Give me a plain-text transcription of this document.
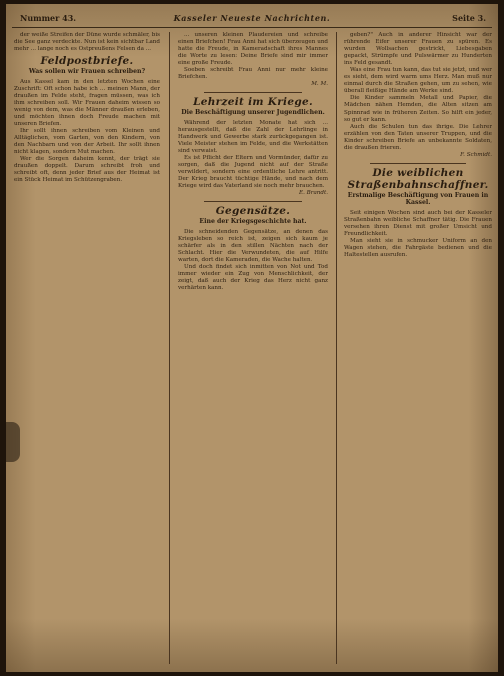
Nummer 43.	Kasseler Neueste Nachrichten.	Seite 3.

der weiße Streifen der Düne wurde schmäler, bis die See ganz verdeckte. Nun ist kein sichtbar Land mehr ... lange noch es Ostpreußens Felsen da ...

Feldpostbriefe.
Was sollen wir Frauen schreiben?

Aus Kassel kam in den letzten Wochen eine Zuschrift: Oft schon habe ich ... meinen Mann, der draußen im Felde steht, fragen müssen, was ich ihm schreiben soll. Wir Frauen daheim wissen so wenig von dem, was die Männer draußen erleben, und möchten ihnen doch Freude machen mit unseren Briefen.

Ihr sollt ihnen schreiben vom Kleinen und Alltäglichen, vom Garten, von den Kindern, von den Nachbarn und von der Arbeit. Ihr sollt ihnen nicht klagen, sondern Mut machen.

Wer die Sorgen daheim kennt, der trägt sie draußen doppelt. Darum schreibt froh und schreibt oft, denn jeder Brief aus der Heimat ist ein Stück Heimat im Schützengraben.

... unseren kleinen Plaudereien und schreibe einen Briefchen! Frau Anni hat sich überzeugen und hatte die Freude, in Kameradschaft ihres Mannes die Worte zu lesen: Deine Briefe sind mir immer eine große Freude.

Soeben schreibt Frau Anni nur mehr kleine Briefchen.

M. M.
Lehrzeit im Kriege.
Die Beschäftigung unserer Jugendlichen.

Während der letzten Monate hat sich ... herausgestellt, daß die Zahl der Lehrlinge in Handwerk und Gewerbe stark zurückgegangen ist. Viele Meister stehen im Felde, und die Werkstätten sind verwaist.

Es ist Pflicht der Eltern und Vormünder, dafür zu sorgen, daß die Jugend nicht auf der Straße verwildert, sondern eine ordentliche Lehre antritt. Der Krieg braucht tüchtige Hände, und nach dem Kriege wird das Vaterland sie noch mehr brauchen.

E. Brandt.
Gegensätze.
Eine der Kriegsgeschichte hat.

Die schneidenden Gegensätze, an denen das Kriegsleben so reich ist, zeigen sich kaum je schärfer als in den stillen Nächten nach der Schlacht. Hier die Verwundeten, die auf Hilfe warten, dort die Kameraden, die Wache halten.

Und doch findet sich inmitten von Not und Tod immer wieder ein Zug von Menschlichkeit, der zeigt, daß auch der Krieg das Herz nicht ganz verhärten kann.

geben?" Auch in anderer Hinsicht war der rührende Eifer unserer Frauen zu spüren. Es wurden Wollsachen gestrickt, Liebesgaben gepackt, Strümpfe und Pulswärmer zu Hunderten ins Feld gesandt.

Was eine Frau tun kann, das tut sie jetzt, und wer es sieht, dem wird warm ums Herz. Man muß nur einmal durch die Straßen gehen, um zu sehen, wie überall fleißige Hände am Werke sind.

Die Kinder sammeln Metall und Papier, die Mädchen nähen Hemden, die Alten sitzen am Spinnrad wie in früheren Zeiten. So hilft ein jeder, so gut er kann.

Auch die Schulen tun das ihrige. Die Lehrer erzählen von den Taten unserer Truppen, und die Kinder schreiben Briefe an unbekannte Soldaten, die draußen frieren.

F. Schmidt.
Die weiblichen Straßenbahnschaffner.
Erstmalige Beschäftigung von Frauen in Kassel.

Seit einigen Wochen sind auch bei der Kasseler Straßenbahn weibliche Schaffner tätig. Die Frauen versehen ihren Dienst mit großer Umsicht und Freundlichkeit.

Man sieht sie in schmucker Uniform an den Wagen stehen, die Fahrgäste bedienen und die Haltestellen ausrufen.
